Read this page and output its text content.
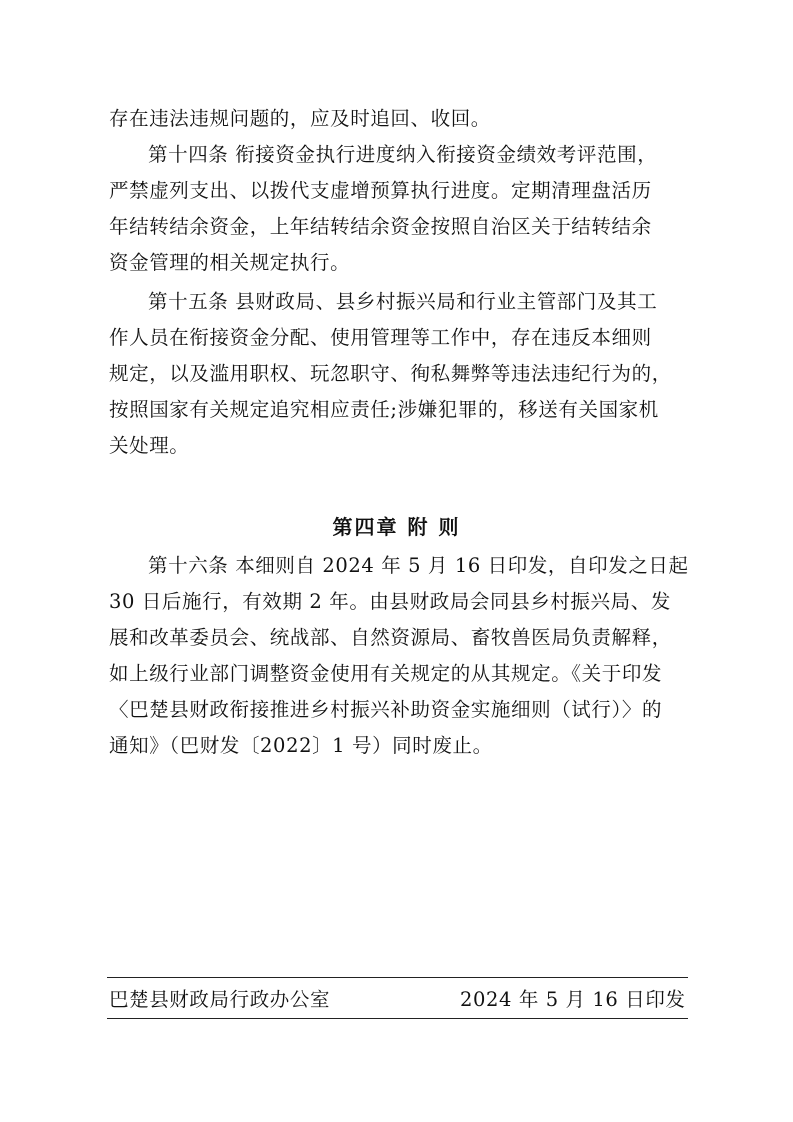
存在违法违规问题的，应及时追回、收回。
第十四条 衔接资金执行进度纳入衔接资金绩效考评范围，
严禁虚列支出、以拨代支虚增预算执行进度。定期清理盘活历
年结转结余资金，上年结转结余资金按照自治区关于结转结余
资金管理的相关规定执行。
第十五条 县财政局、县乡村振兴局和行业主管部门及其工
作人员在衔接资金分配、使用管理等工作中，存在违反本细则
规定，以及滥用职权、玩忽职守、徇私舞弊等违法违纪行为的，
按照国家有关规定追究相应责任;涉嫌犯罪的，移送有关国家机
关处理。
第四章 附 则
第十六条 本细则自 2024 年 5 月 16 日印发，自印发之日起
30 日后施行，有效期 2 年。由县财政局会同县乡村振兴局、发
展和改革委员会、统战部、自然资源局、畜牧兽医局负责解释，
如上级行业部门调整资金使用有关规定的从其规定。《关于印发
〈巴楚县财政衔接推进乡村振兴补助资金实施细则（试行）〉的
通知》（巴财发〔2022〕1 号）同时废止。
巴楚县财政局行政办公室	2024 年 5 月 16 日印发
